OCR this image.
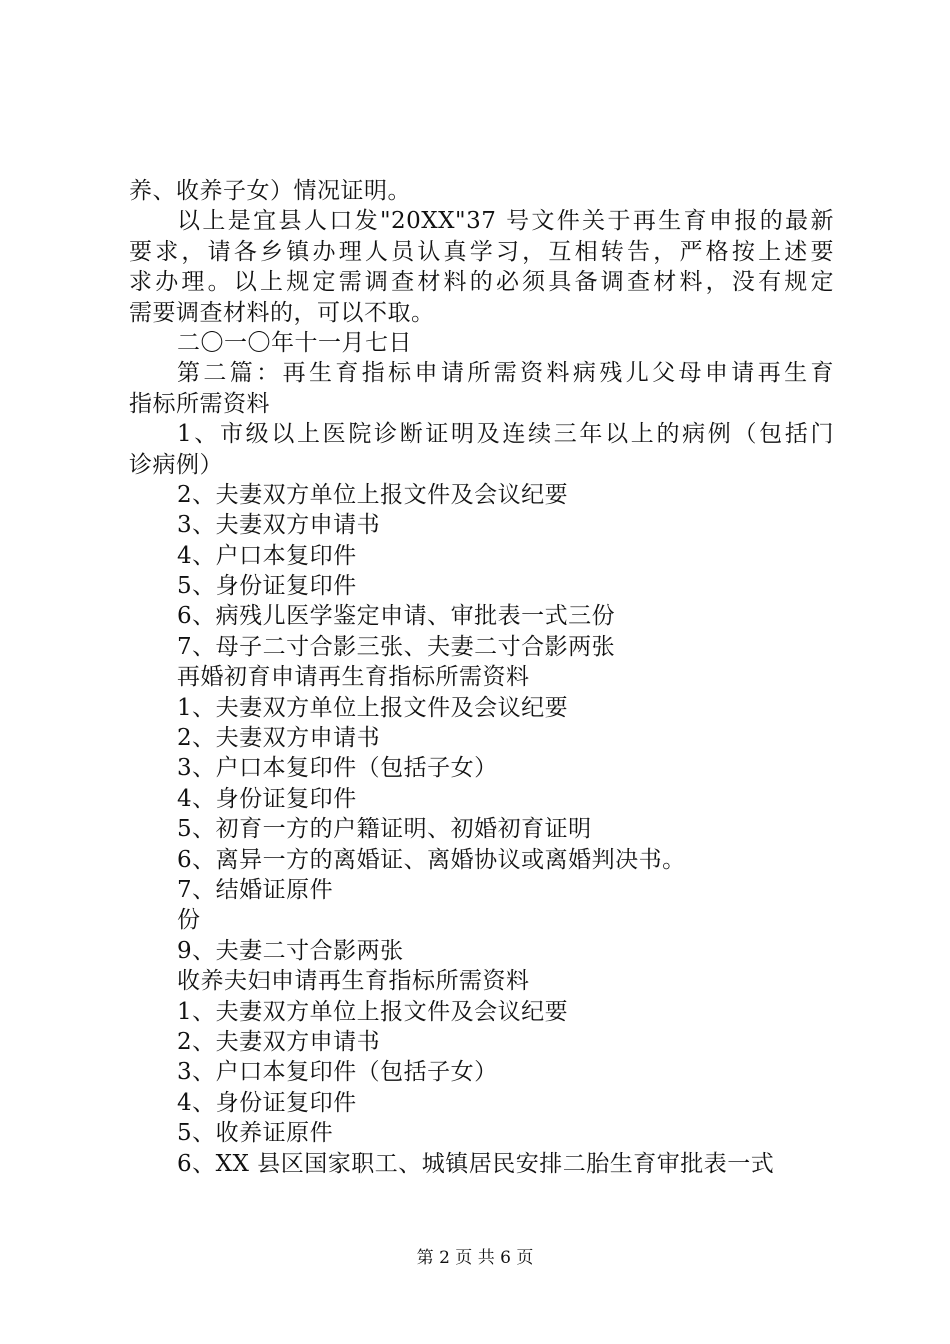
养、收养子女）情况证明。
以上是宜县人口发"20XX"37 号文件关于再生育申报的最新
要求，请各乡镇办理人员认真学习，互相转告，严格按上述要
求办理。以上规定需调查材料的必须具备调查材料，没有规定
需要调查材料的，可以不取。
二〇一〇年十一月七日
第二篇：再生育指标申请所需资料病残儿父母申请再生育
指标所需资料
1、市级以上医院诊断证明及连续三年以上的病例（包括门
诊病例）
2、夫妻双方单位上报文件及会议纪要
3、夫妻双方申请书
4、户口本复印件
5、身份证复印件
6、病残儿医学鉴定申请、审批表一式三份
7、母子二寸合影三张、夫妻二寸合影两张
再婚初育申请再生育指标所需资料
1、夫妻双方单位上报文件及会议纪要
2、夫妻双方申请书
3、户口本复印件（包括子女）
4、身份证复印件
5、初育一方的户籍证明、初婚初育证明
6、离异一方的离婚证、离婚协议或离婚判决书。
7、结婚证原件
份
9、夫妻二寸合影两张
收养夫妇申请再生育指标所需资料
1、夫妻双方单位上报文件及会议纪要
2、夫妻双方申请书
3、户口本复印件（包括子女）
4、身份证复印件
5、收养证原件
6、XX 县区国家职工、城镇居民安排二胎生育审批表一式
第 2 页 共 6 页
